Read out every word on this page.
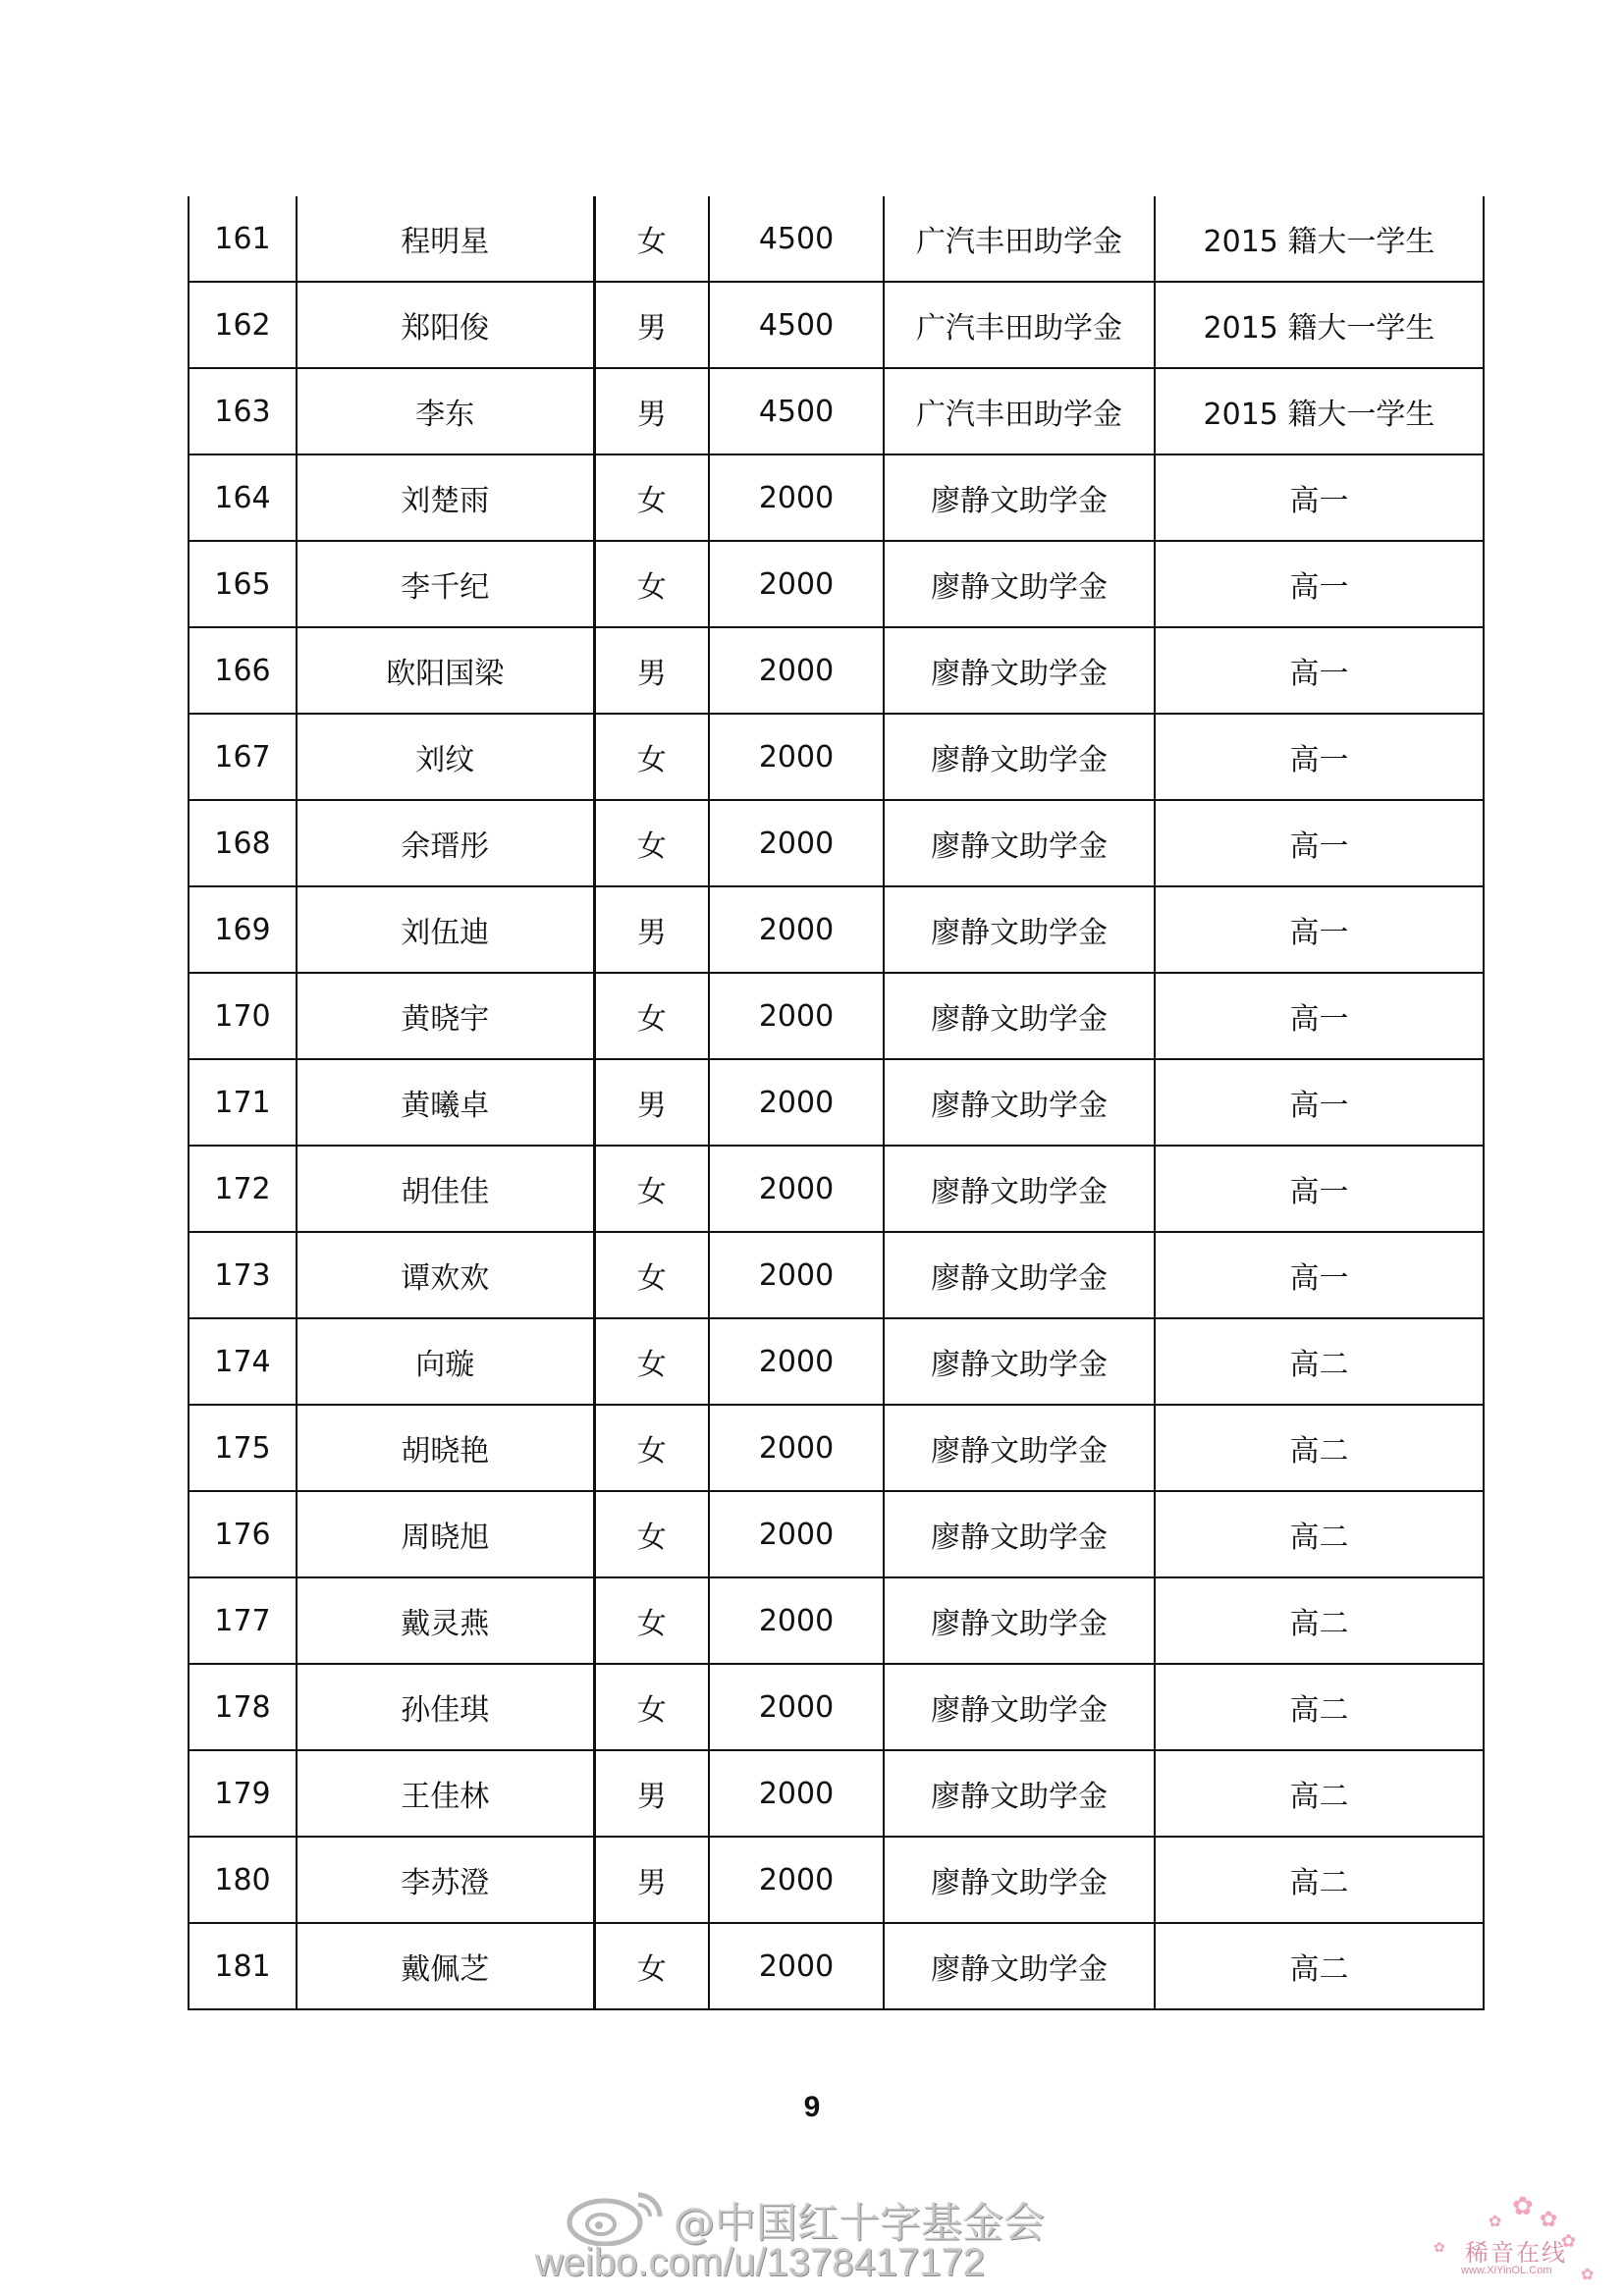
161	程明星	女	4500	广汽丰田助学金	2015 籍大一学生
162	郑阳俊	男	4500	广汽丰田助学金	2015 籍大一学生
163	李东	男	4500	广汽丰田助学金	2015 籍大一学生
164	刘楚雨	女	2000	廖静文助学金	高一
165	李千纪	女	2000	廖静文助学金	高一
166	欧阳国梁	男	2000	廖静文助学金	高一
167	刘纹	女	2000	廖静文助学金	高一
168	余瑨彤	女	2000	廖静文助学金	高一
169	刘伍迪	男	2000	廖静文助学金	高一
170	黄晓宇	女	2000	廖静文助学金	高一
171	黄曦卓	男	2000	廖静文助学金	高一
172	胡佳佳	女	2000	廖静文助学金	高一
173	谭欢欢	女	2000	廖静文助学金	高一
174	向璇	女	2000	廖静文助学金	高二
175	胡晓艳	女	2000	廖静文助学金	高二
176	周晓旭	女	2000	廖静文助学金	高二
177	戴灵燕	女	2000	廖静文助学金	高二
178	孙佳琪	女	2000	廖静文助学金	高二
179	王佳林	男	2000	廖静文助学金	高二
180	李苏澄	男	2000	廖静文助学金	高二
181	戴佩芝	女	2000	廖静文助学金	高二
9
@中国红十字基金会
weibo.com/u/1378417172
✿ ✿
✿
✿
✿
✿
稀音在线
www.XiYinOL.Com
